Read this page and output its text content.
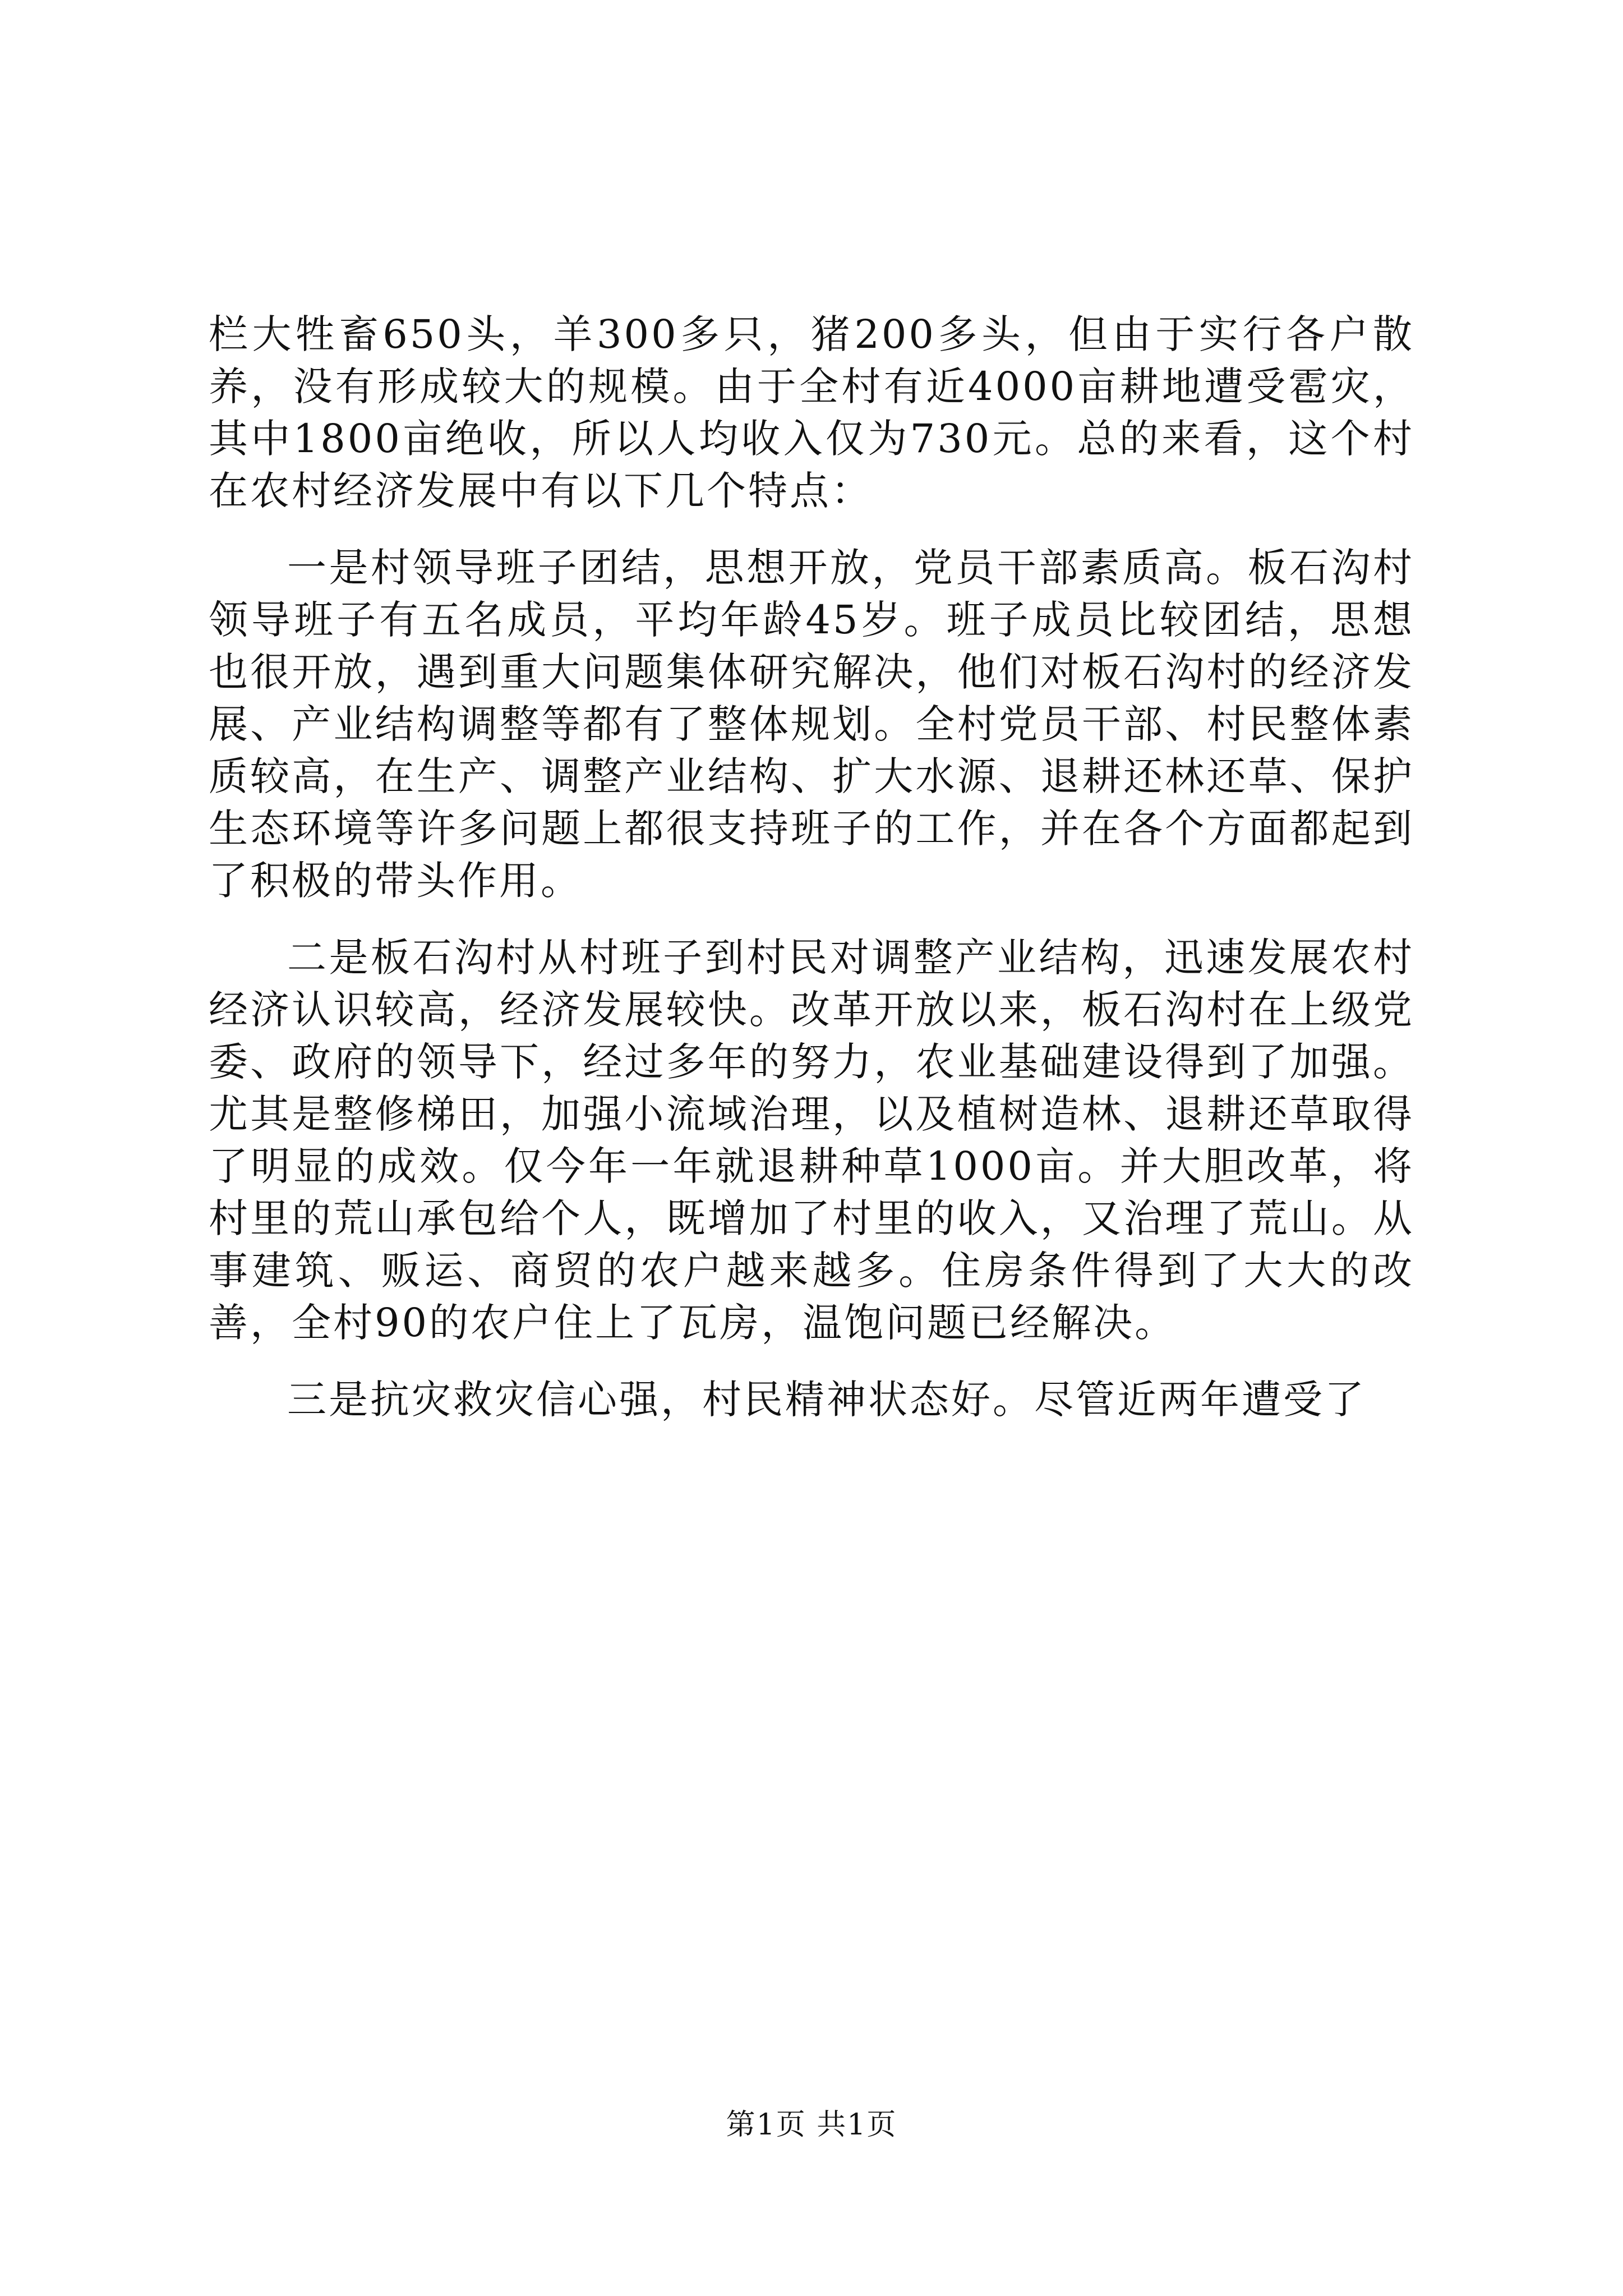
栏大牲畜650头，羊300多只，猪200多头，但由于实行各户散养，没有形成较大的规模。由于全村有近4000亩耕地遭受雹灾，其中1800亩绝收，所以人均收入仅为730元。总的来看，这个村在农村经济发展中有以下几个特点：

一是村领导班子团结，思想开放，党员干部素质高。板石沟村领导班子有五名成员，平均年龄45岁。班子成员比较团结，思想也很开放，遇到重大问题集体研究解决，他们对板石沟村的经济发展、产业结构调整等都有了整体规划。全村党员干部、村民整体素质较高，在生产、调整产业结构、扩大水源、退耕还林还草、保护生态环境等许多问题上都很支持班子的工作，并在各个方面都起到了积极的带头作用。

二是板石沟村从村班子到村民对调整产业结构，迅速发展农村经济认识较高，经济发展较快。改革开放以来，板石沟村在上级党委、政府的领导下，经过多年的努力，农业基础建设得到了加强。尤其是整修梯田，加强小流域治理，以及植树造林、退耕还草取得了明显的成效。仅今年一年就退耕种草1000亩。并大胆改革，将村里的荒山承包给个人，既增加了村里的收入，又治理了荒山。从事建筑、贩运、商贸的农户越来越多。住房条件得到了大大的改善，全村90的农户住上了瓦房，温饱问题已经解决。

三是抗灾救灾信心强，村民精神状态好。尽管近两年遭受了

第1页 共1页
